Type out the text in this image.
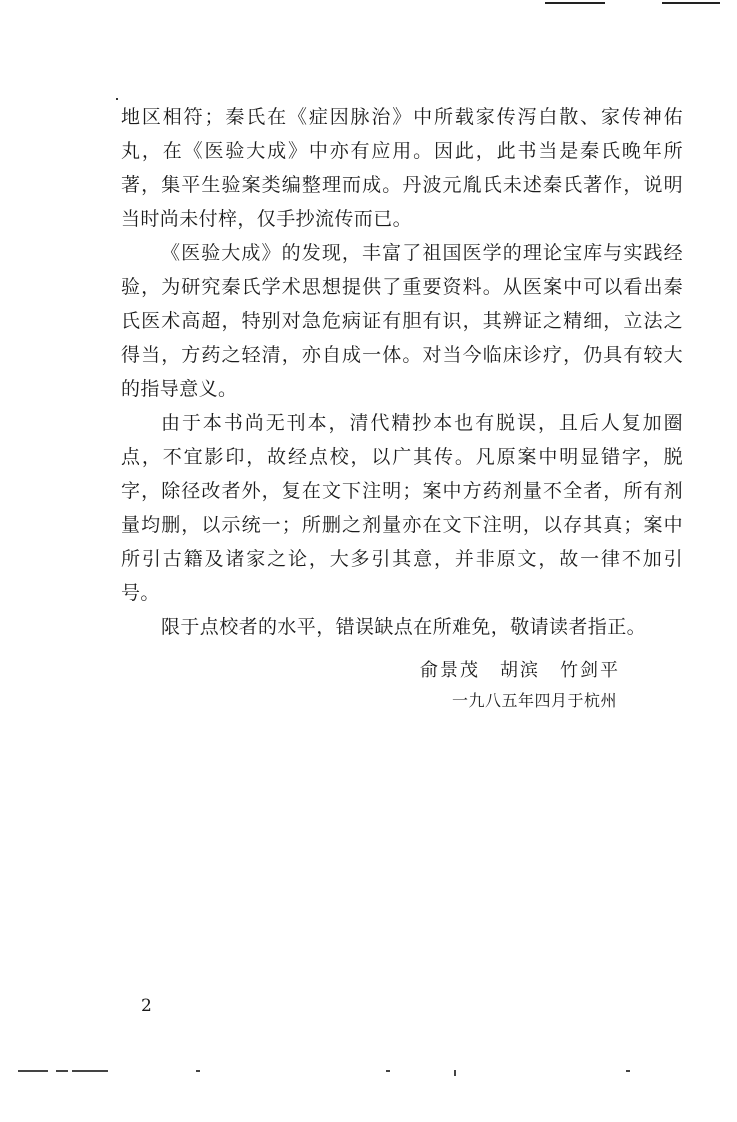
地区相符；秦氏在《症因脉治》中所载家传泻白散、家传神佑丸，在《医验大成》中亦有应用。因此，此书当是秦氏晚年所著，集平生验案类编整理而成。丹波元胤氏未述秦氏著作，说明当时尚未付梓，仅手抄流传而已。

《医验大成》的发现，丰富了祖国医学的理论宝库与实践经验，为研究秦氏学术思想提供了重要资料。从医案中可以看出秦氏医术高超，特别对急危病证有胆有识，其辨证之精细，立法之得当，方药之轻清，亦自成一体。对当今临床诊疗，仍具有较大的指导意义。

由于本书尚无刊本，清代精抄本也有脱误，且后人复加圈点，不宜影印，故经点校，以广其传。凡原案中明显错字，脱字，除径改者外，复在文下注明；案中方药剂量不全者，所有剂量均删，以示统一；所删之剂量亦在文下注明，以存其真；案中所引古籍及诸家之论，大多引其意，并非原文，故一律不加引号。

限于点校者的水平，错误缺点在所难免，敬请读者指正。

俞景茂　胡滨　竹剑平
一九八五年四月于杭州
2
